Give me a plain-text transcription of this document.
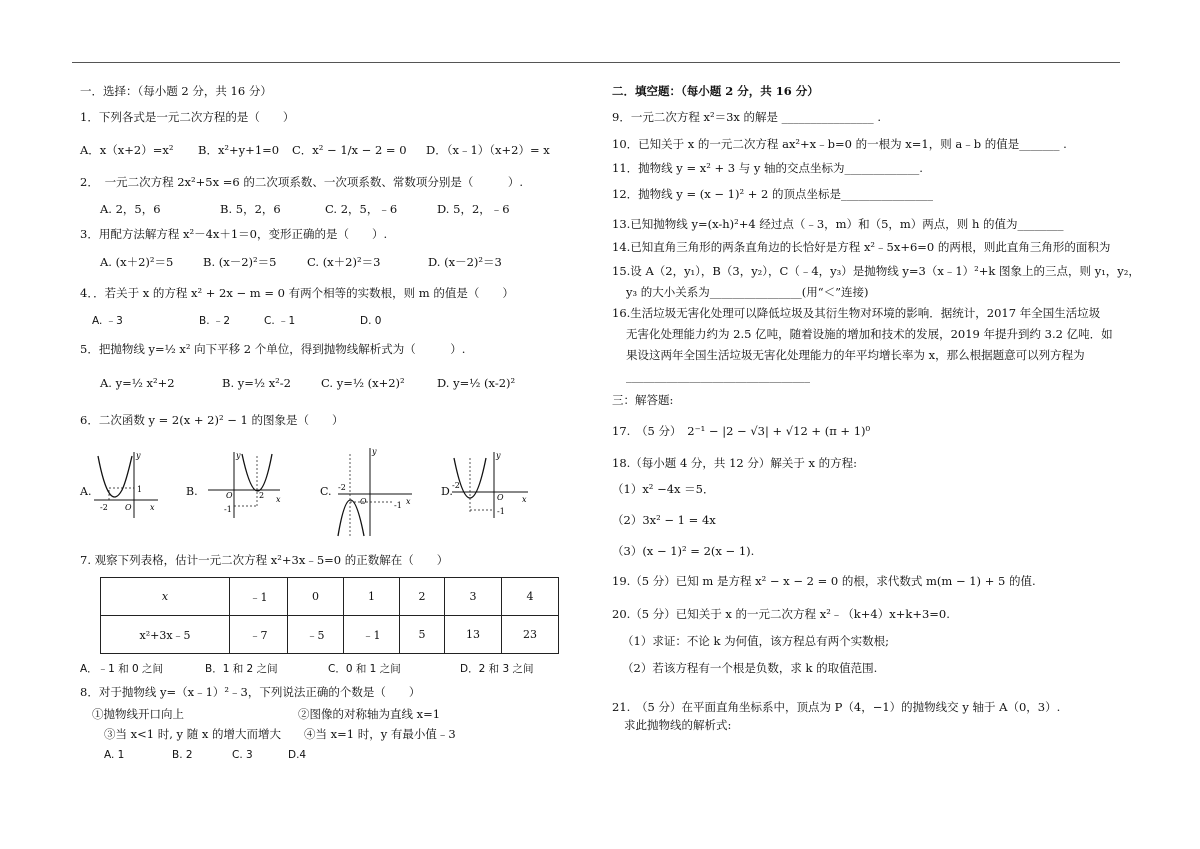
一．选择：（每小题 2 分，共 16 分）
1．下列各式是一元二次方程的是（　　）
A．x（x+2）=x² B．x²+y+1=0 C．x² − 1/x − 2 = 0 D．（x﹣1）（x+2）= x
2．　一元二次方程 2x²+5x =6 的二次项系数、一次项系数、常数项分别是（　　　）.
A. 2，5，6	B. 5，2，6	C. 2，5，﹣6	D. 5，2，﹣6
3．用配方法解方程 x²－4x＋1＝0，变形正确的是（　　）.
A. (x＋2)²＝5	B. (x－2)²＝5	C. (x＋2)²＝3	D. (x－2)²＝3
4．．若关于 x 的方程 x² + 2x − m = 0 有两个相等的实数根，则 m 的值是（　　）
A. ﹣3	B. ﹣2	C. ﹣1	D. 0
5．把抛物线 y=½ x² 向下平移 2 个单位，得到抛物线解析式为（　　　）.
A. y=½ x²+2	B. y=½ x²-2	C. y=½ (x+2)²	D. y=½ (x-2)²
6．二次函数 y = 2(x + 2)² − 1 的图象是（　　）
A.	1
-2 O x
y
B.	O	2
-1
x
y
C. -2
O	-1 x
y
D. -2
O
-1
x
y
7. 观察下列表格，估计一元二次方程 x²+3x﹣5=0 的正数解在（　　）
x	﹣1	0	1	2	3	4
x²+3x﹣5	﹣7	﹣5	﹣1	5	13	23
A．﹣1 和 0 之间	B．1 和 2 之间	C．0 和 1 之间	D．2 和 3 之间
8．对于抛物线 y=（x﹣1）²﹣3，下列说法正确的个数是（　　）
①抛物线开口向上	②图像的对称轴为直线 x=1
③当 x<1 时, y 随 x 的增大而增大 ④当 x=1 时，y 有最小值﹣3
A. 1	B. 2	C. 3	D.4
二．填空题：（每小题 2 分，共 16 分）
9．一元二次方程 x²＝3x 的解是 ________________ .
10．已知关于 x 的一元二次方程 ax²+x﹣b=0 的一根为 x=1，则 a﹣b 的值是_______ .
11．抛物线 y = x² + 3 与 y 轴的交点坐标为_____________.
12．抛物线 y = (x − 1)² + 2 的顶点坐标是________________
13.已知抛物线 y=(x-h)²+4 经过点（﹣3，m）和（5，m）两点，则 h 的值为________
14.已知直角三角形的两条直角边的长恰好是方程 x²﹣5x+6=0 的两根，则此直角三角形的面积为
15.设 A（2，y₁），B（3，y₂），C（﹣4，y₃）是抛物线 y=3（x﹣1）²+k 图象上的三点，则 y₁，y₂，
y₃ 的大小关系为________________(用“＜”连接)
16.生活垃圾无害化处理可以降低垃圾及其衍生物对环境的影响．据统计，2017 年全国生活垃圾
无害化处理能力约为 2.5 亿吨，随着设施的增加和技术的发展，2019 年提升到约 3.2 亿吨．如
果设这两年全国生活垃圾无害化处理能力的年平均增长率为 x，那么根据题意可以列方程为
________________________________
三：解答题:
17.　（5 分）　2⁻¹ − |2 − √3| + √12 + (π + 1)⁰
18.（每小题 4 分，共 12 分）解关于 x 的方程:
（1）x² −4x ＝5．
（2）3x² − 1 = 4x
（3）(x − 1)² = 2(x − 1).
19.（5 分）已知 m 是方程 x² − x − 2 = 0 的根，求代数式 m(m − 1) + 5 的值.
20.（5 分）已知关于 x 的一元二次方程 x²﹣（k+4）x+k+3=0.
（1）求证：不论 k 为何值，该方程总有两个实数根;
（2）若该方程有一个根是负数，求 k 的取值范围.
21.　（5 分）在平面直角坐标系中，顶点为 P（4，−1）的抛物线交 y 轴于 A（0，3）.
求此抛物线的解析式:
